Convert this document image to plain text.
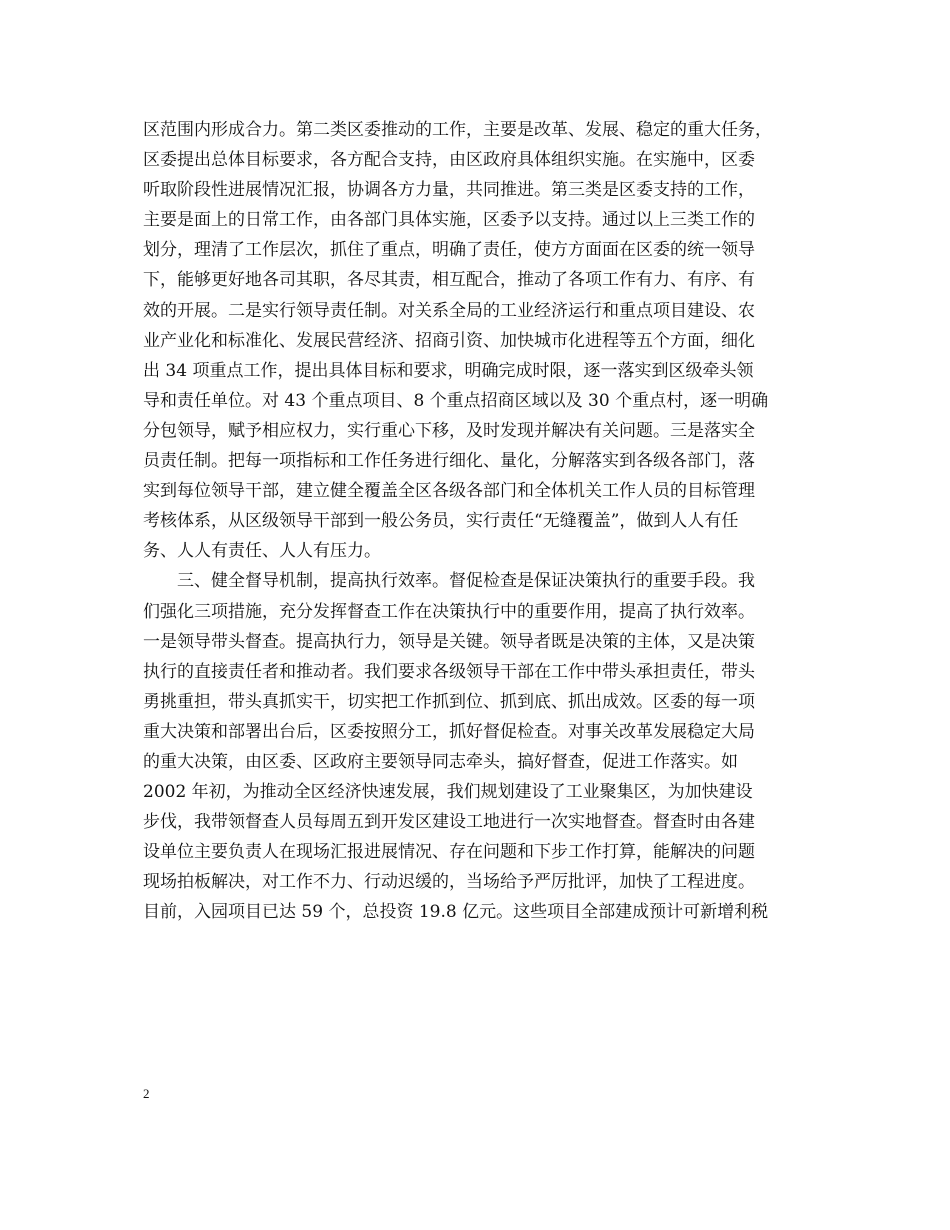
区范围内形成合力。第二类区委推动的工作，主要是改革、发展、稳定的重大任务，
区委提出总体目标要求，各方配合支持，由区政府具体组织实施。在实施中，区委
听取阶段性进展情况汇报，协调各方力量，共同推进。第三类是区委支持的工作，
主要是面上的日常工作，由各部门具体实施，区委予以支持。通过以上三类工作的
划分，理清了工作层次，抓住了重点，明确了责任，使方方面面在区委的统一领导
下，能够更好地各司其职，各尽其责，相互配合，推动了各项工作有力、有序、有
效的开展。二是实行领导责任制。对关系全局的工业经济运行和重点项目建设、农
业产业化和标准化、发展民营经济、招商引资、加快城市化进程等五个方面，细化
出 34 项重点工作，提出具体目标和要求，明确完成时限，逐一落实到区级牵头领
导和责任单位。对 43 个重点项目、8 个重点招商区域以及 30 个重点村，逐一明确
分包领导，赋予相应权力，实行重心下移，及时发现并解决有关问题。三是落实全
员责任制。把每一项指标和工作任务进行细化、量化，分解落实到各级各部门，落
实到每位领导干部，建立健全覆盖全区各级各部门和全体机关工作人员的目标管理
考核体系，从区级领导干部到一般公务员，实行责任“无缝覆盖”，做到人人有任
务、人人有责任、人人有压力。
三、健全督导机制，提高执行效率。督促检查是保证决策执行的重要手段。我
们强化三项措施，充分发挥督查工作在决策执行中的重要作用，提高了执行效率。
一是领导带头督查。提高执行力，领导是关键。领导者既是决策的主体，又是决策
执行的直接责任者和推动者。我们要求各级领导干部在工作中带头承担责任，带头
勇挑重担，带头真抓实干，切实把工作抓到位、抓到底、抓出成效。区委的每一项
重大决策和部署出台后，区委按照分工，抓好督促检查。对事关改革发展稳定大局
的重大决策，由区委、区政府主要领导同志牵头，搞好督查，促进工作落实。如
2002 年初，为推动全区经济快速发展，我们规划建设了工业聚集区，为加快建设
步伐，我带领督查人员每周五到开发区建设工地进行一次实地督查。督查时由各建
设单位主要负责人在现场汇报进展情况、存在问题和下步工作打算，能解决的问题
现场拍板解决，对工作不力、行动迟缓的，当场给予严厉批评，加快了工程进度。
目前，入园项目已达 59 个，总投资 19.8 亿元。这些项目全部建成预计可新增利税
2
